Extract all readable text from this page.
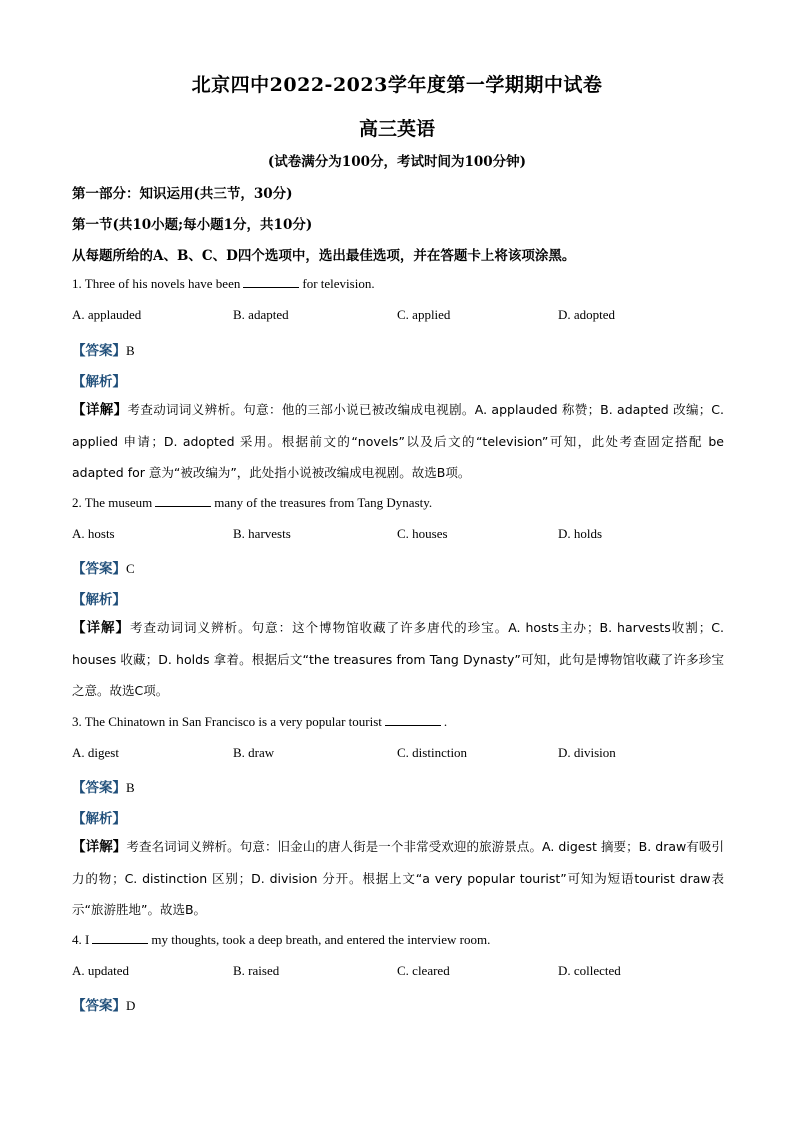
北京四中2022-2023学年度第一学期期中试卷
高三英语
(试卷满分为100分，考试时间为100分钟)
第一部分：知识运用(共三节，30分)
第一节(共10小题;每小题1分，共10分)
从每题所给的A、B、C、D四个选项中，选出最佳选项，并在答题卡上将该项涂黑。
1. Three of his novels have been	for television.
A. applauded	B. adapted	C. applied	D. adopted
【答案】B
【解析】
【详解】考查动词词义辨析。句意：他的三部小说已被改编成电视剧。A. applauded 称赞；B. adapted 改编；C. applied 申请；D. adopted 采用。根据前文的“novels”以及后文的“television”可知，此处考查固定搭配 be adapted for 意为“被改编为”，此处指小说被改编成电视剧。故选B项。
2. The museum	many of the treasures from Tang Dynasty.
A. hosts	B. harvests	C. houses	D. holds
【答案】C
【解析】
【详解】考查动词词义辨析。句意：这个博物馆收藏了许多唐代的珍宝。A. hosts主办；B. harvests收割；C. houses 收藏；D. holds 拿着。根据后文“the treasures from Tang Dynasty”可知，此句是博物馆收藏了许多珍宝之意。故选C项。
3. The Chinatown in San Francisco is a very popular tourist	.
A. digest	B. draw	C. distinction	D. division
【答案】B
【解析】
【详解】考查名词词义辨析。句意：旧金山的唐人街是一个非常受欢迎的旅游景点。A. digest 摘要；B. draw有吸引力的物；C. distinction 区别；D. division 分开。根据上文“a very popular tourist”可知为短语tourist draw表示“旅游胜地”。故选B。
4. I	my thoughts, took a deep breath, and entered the interview room.
A. updated	B. raised	C. cleared	D. collected
【答案】D
